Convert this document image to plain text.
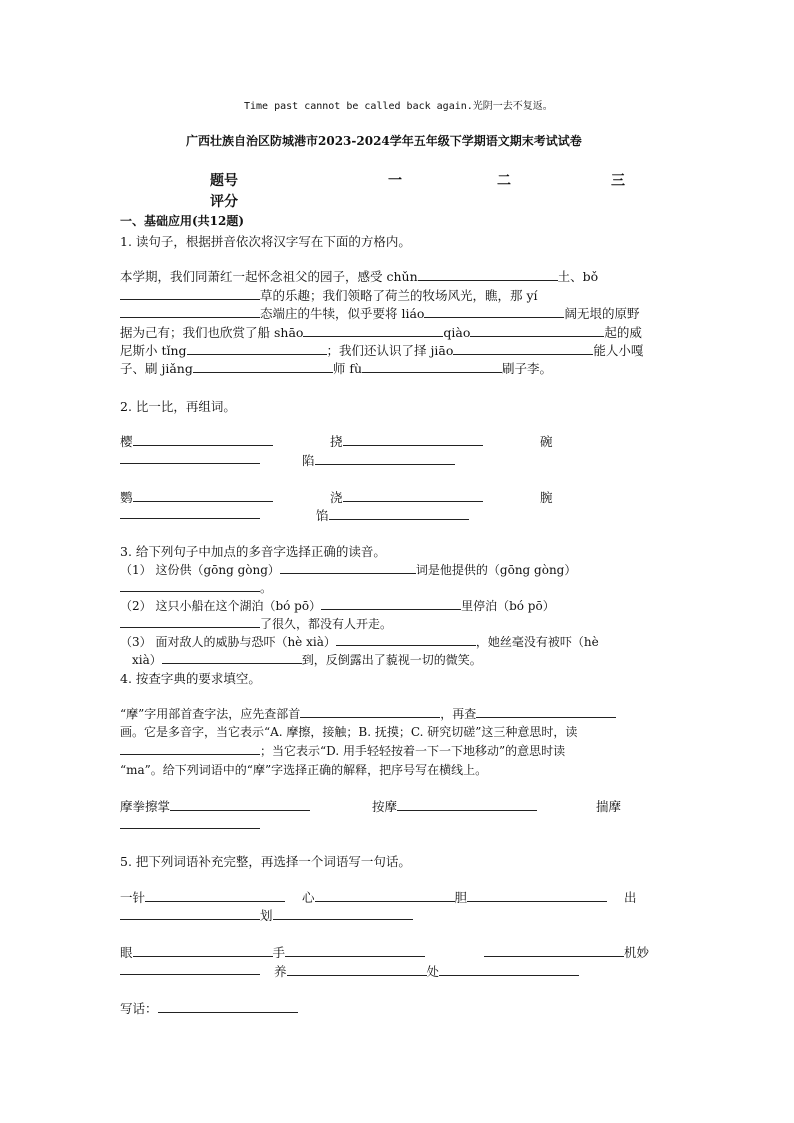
Time past cannot be called back again.光阴一去不复返。
广西壮族自治区防城港市2023-2024学年五年级下学期语文期末考试试卷
题号	一	二	三
评分
一、基础应用(共12题)
1. 读句子，根据拼音依次将汉字写在下面的方格内。
本学期，我们同萧红一起怀念祖父的园子，感受 chǔn	土、bǒ
草的乐趣；我们领略了荷兰的牧场风光，瞧，那 yí
态端庄的牛犊，似乎要将 liáo	阔无垠的原野
据为己有；我们也欣赏了船 shāo	qiào	起的威
尼斯小 tǐng	；我们还认识了择 jiāo	能人小嘎
子、刷 jiǎng	师 fù	刷子李。
2. 比一比，再组词。
樱	挠	碗
陷
鹦	浇	腕
馅
3. 给下列句子中加点的多音字选择正确的读音。
（1） 这份供（gōng gòng）	词是他提供的（gōng gòng）
。
（2） 这只小船在这个湖泊（bó pō）	里停泊（bó pō）
了很久，都没有人开走。
（3） 面对敌人的威胁与恐吓（hè xià）	，她丝毫没有被吓（hè
xià）	到，反倒露出了藐视一切的微笑。
4. 按查字典的要求填空。
“摩”字用部首查字法，应先查部首	，再查
画。它是多音字，当它表示“A. 摩擦，接触；B. 抚摸；C. 研究切磋”这三种意思时，读
；当它表示“D. 用手轻轻按着一下一下地移动”的意思时读
“ma”。给下列词语中的“摩”字选择正确的解释，把序号写在横线上。
摩拳擦掌	按摩	揣摩
5. 把下列词语补充完整，再选择一个词语写一句话。
一针	心	胆	出
划
眼	手	机妙
养	处
写话：
